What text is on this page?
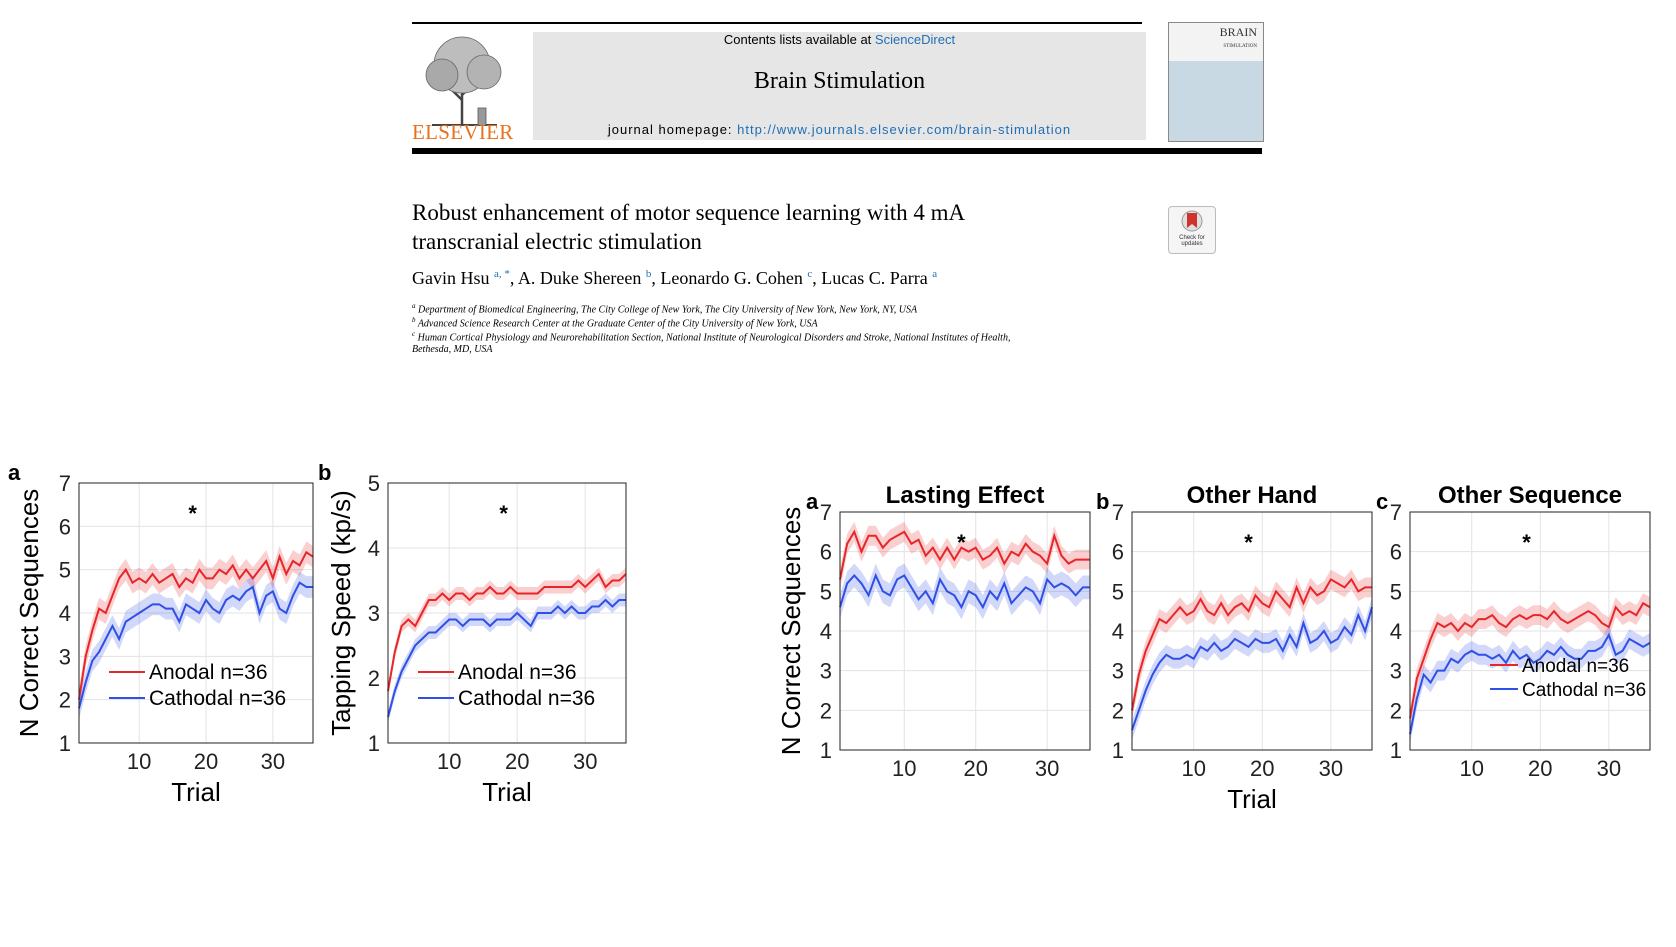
ELSEVIER
Contents lists available at ScienceDirect
Brain Stimulation
journal homepage: http://www.journals.elsevier.com/brain-stimulation
BRAIN
STIMULATION
Robust enhancement of motor sequence learning with 4 mA
transcranial electric stimulation	Check for
updates
Gavin Hsu $^{a, *}$, A. Duke Shereen $^b$, Leonardo G. Cohen $^c$, Lucas C. Parra $^a$
$^a$ Department of Biomedical Engineering, The City College of New York, The City University of New York, New York, NY, USA
$^b$ Advanced Science Research Center at the Graduate Center of the City University of New York, USA
$^c$ Human Cortical Physiology and Neurorehabilitation Section, National Institute of Neurological Disorders and Stroke, National Institutes of Health,
Bethesda, MD, USA
10 20 30
1
2
3
4
5
6
7
a
Trial
N Correct Sequences	*
Anodal n=36
Cathodal n=36
10 20 30
1
2
3
4
5
b
Trial
Tapping Speed (kp/s)	*
Anodal n=36
Cathodal n=36
10 20 30
1
2
3
4
5
6
7
a	Lasting Effect
N Correct Sequences	*
10 20 30
1
2
3
4
5
6
7
b	Other Hand
Trial
*
10 20 30
1
2
3
4
5
6
7
c Other Sequence
*
Anodal n=36
Cathodal n=36
